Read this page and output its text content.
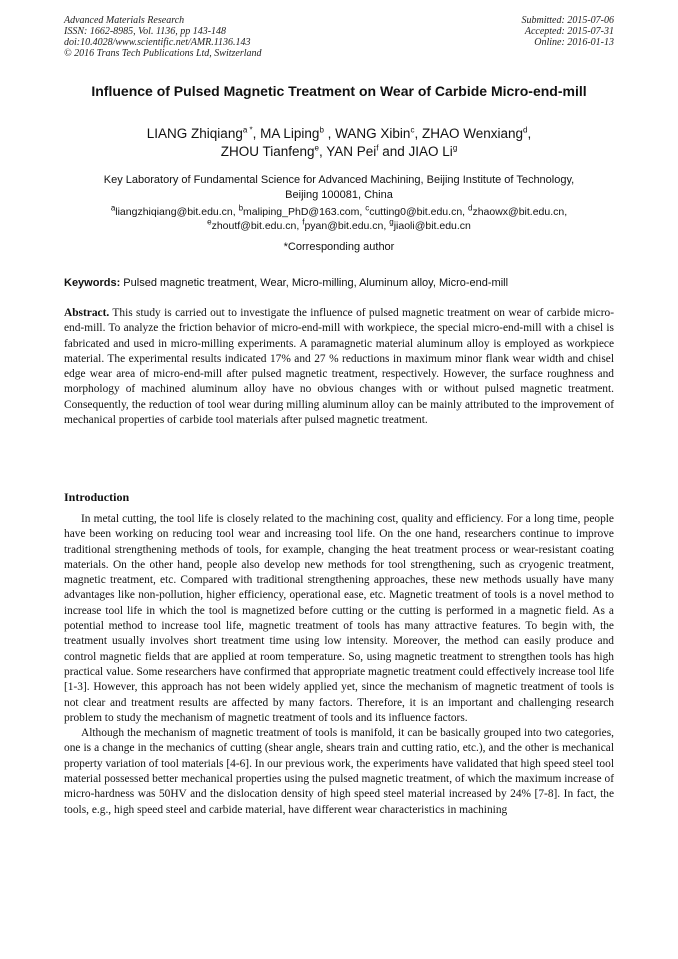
Advanced Materials Research
ISSN: 1662-8985, Vol. 1136, pp 143-148
doi:10.4028/www.scientific.net/AMR.1136.143
© 2016 Trans Tech Publications Ltd, Switzerland
Submitted: 2015-07-06
Accepted: 2015-07-31
Online: 2016-01-13
Influence of Pulsed Magnetic Treatment on Wear of Carbide Micro-end-mill
LIANG Zhiqiang$^{a *}$, MA Liping$^b$ , WANG Xibin$^c$, ZHAO Wenxiang$^d$,
ZHOU Tianfeng$^e$, YAN Pei$^f$ and JIAO Li$^g$
Key Laboratory of Fundamental Science for Advanced Machining, Beijing Institute of Technology,
Beijing 100081, China
$^a$liangzhiqiang@bit.edu.cn, $^b$maliping_PhD@163.com, $^c$cutting0@bit.edu.cn, $^d$zhaowx@bit.edu.cn,
$^e$zhoutf@bit.edu.cn, $^f$pyan@bit.edu.cn, $^g$jiaoli@bit.edu.cn
*Corresponding author
Keywords: Pulsed magnetic treatment, Wear, Micro-milling, Aluminum alloy, Micro-end-mill
Abstract. This study is carried out to investigate the influence of pulsed magnetic treatment on wear of carbide micro-end-mill. To analyze the friction behavior of micro-end-mill with workpiece, the special micro-end-mill with a chisel is fabricated and used in micro-milling experiments. A paramagnetic material aluminum alloy is employed as workpiece material. The experimental results indicated 17% and 27 % reductions in maximum minor flank wear width and chisel edge wear area of micro-end-mill after pulsed magnetic treatment, respectively. However, the surface roughness and morphology of machined aluminum alloy have no obvious changes with or without pulsed magnetic treatment. Consequently, the reduction of tool wear during milling aluminum alloy can be mainly attributed to the improvement of mechanical properties of carbide tool materials after pulsed magnetic treatment.
Introduction

In metal cutting, the tool life is closely related to the machining cost, quality and efficiency. For a long time, people have been working on reducing tool wear and increasing tool life. On the one hand, researchers continue to improve traditional strengthening methods of tools, for example, changing the heat treatment process or wear-resistant coating materials. On the other hand, people also develop new methods for tool strengthening, such as cryogenic treatment, magnetic treatment, etc. Compared with traditional strengthening approaches, these new methods usually have many advantages like non-pollution, higher efficiency, operational ease, etc. Magnetic treatment of tools is a novel method to increase tool life in which the tool is magnetized before cutting or the cutting is performed in a magnetic field. As a potential method to increase tool life, magnetic treatment of tools has many attractive features. To begin with, the treatment usually involves short treatment time using low intensity. Moreover, the method can easily produce and control magnetic fields that are applied at room temperature. So, using magnetic treatment to strengthen tools has high practical value. Some researchers have confirmed that appropriate magnetic treatment could effectively increase tool life [1-3]. However, this approach has not been widely applied yet, since the mechanism of magnetic treatment of tools is not clear and treatment results are affected by many factors. Therefore, it is an important and challenging research problem to study the mechanism of magnetic treatment of tools and its influence factors.

Although the mechanism of magnetic treatment of tools is manifold, it can be basically grouped into two categories, one is a change in the mechanics of cutting (shear angle, shears train and cutting ratio, etc.), and the other is mechanical property variation of tool materials [4-6]. In our previous work, the experiments have validated that high speed steel tool material possessed better mechanical properties using the pulsed magnetic treatment, of which the maximum increase of micro-hardness was 50HV and the dislocation density of high speed steel material increased by 24% [7-8]. In fact, the tools, e.g., high speed steel and carbide material, have different wear characteristics in machining
